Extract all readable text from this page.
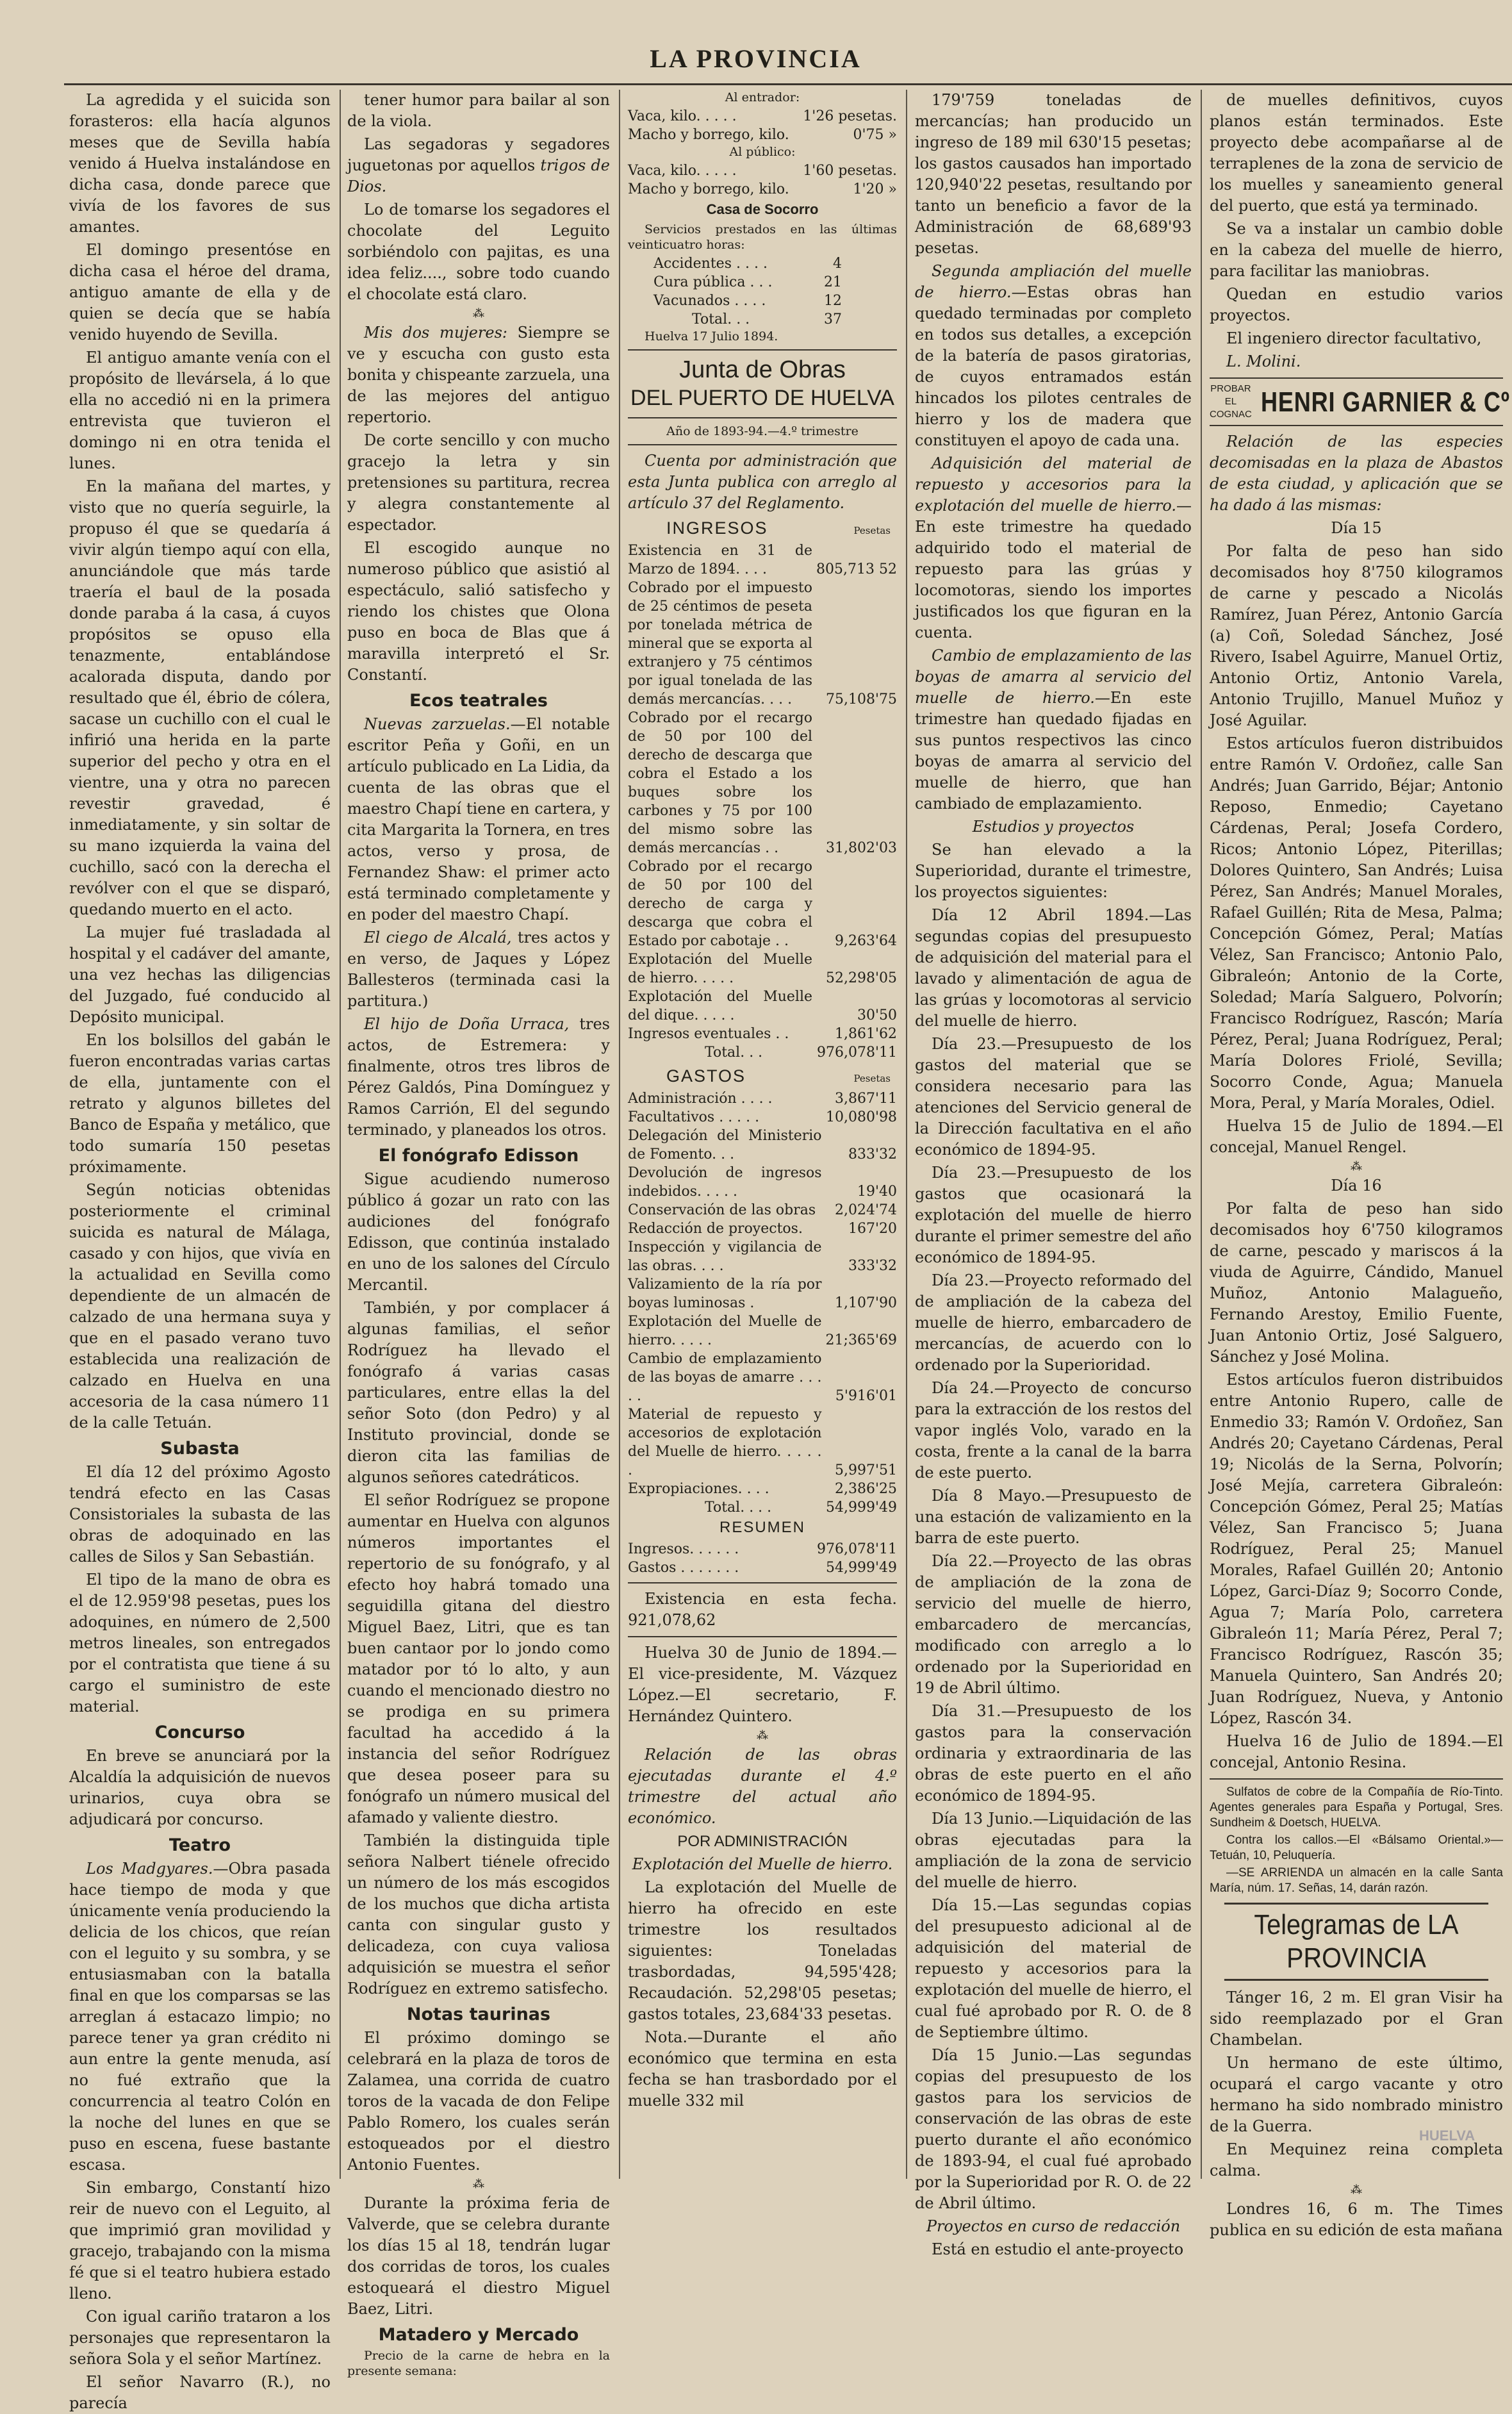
LA PROVINCIA

La agredida y el suicida son forasteros: ella hacía algunos meses que de Sevilla había venido á Huelva instalándose en dicha casa, donde parece que vivía de los favores de sus amantes.

El domingo presentóse en dicha casa el héroe del drama, antiguo amante de ella y de quien se decía que se había venido huyendo de Sevilla.

El antiguo amante venía con el propósito de llevársela, á lo que ella no accedió ni en la primera entrevista que tuvieron el domingo ni en otra tenida el lunes.

En la mañana del martes, y visto que no quería seguirle, la propuso él que se quedaría á vivir algún tiempo aquí con ella, anunciándole que más tarde traería el baul de la posada donde paraba á la casa, á cuyos propósitos se opuso ella tenazmente, entablándose acalorada disputa, dando por resultado que él, ébrio de cólera, sacase un cuchillo con el cual le infirió una herida en la parte superior del pecho y otra en el vientre, una y otra no parecen revestir gravedad, é inmediatamente, y sin soltar de su mano izquierda la vaina del cuchillo, sacó con la derecha el revólver con el que se disparó, quedando muerto en el acto.

La mujer fué trasladada al hospital y el cadáver del amante, una vez hechas las diligencias del Juzgado, fué conducido al Depósito municipal.

En los bolsillos del gabán le fueron encontradas varias cartas de ella, juntamente con el retrato y algunos billetes del Banco de España y metálico, que todo sumaría 150 pesetas próximamente.

Según noticias obtenidas posteriormente el criminal suicida es natural de Málaga, casado y con hijos, que vivía en la actualidad en Sevilla como dependiente de un almacén de calzado de una hermana suya y que en el pasado verano tuvo establecida una realización de calzado en Huelva en una accesoria de la casa número 11 de la calle Tetuán.

Subasta

El día 12 del próximo Agosto tendrá efecto en las Casas Consistoriales la subasta de las obras de adoquinado en las calles de Silos y San Sebastián.

El tipo de la mano de obra es el de 12.959'98 pesetas, pues los adoquines, en número de 2,500 metros lineales, son entregados por el contratista que tiene á su cargo el suministro de este material.

Concurso

En breve se anunciará por la Alcaldía la adquisición de nuevos urinarios, cuya obra se adjudicará por concurso.

Teatro

Los Madgyares.—Obra pasada hace tiempo de moda y que únicamente venía produciendo la delicia de los chicos, que reían con el leguito y su sombra, y se entusiasmaban con la batalla final en que los comparsas se las arreglan á estacazo limpio; no parece tener ya gran crédito ni aun entre la gente menuda, así no fué extraño que la concurrencia al teatro Colón en la noche del lunes en que se puso en escena, fuese bastante escasa.

Sin embargo, Constantí hizo reir de nuevo con el Leguito, al que imprimió gran movilidad y gracejo, trabajando con la misma fé que si el teatro hubiera estado lleno.

Con igual cariño trataron a los personajes que representaron la señora Sola y el señor Martínez.

El señor Navarro (R.), no parecía

tener humor para bailar al son de la viola.

Las segadoras y segadores juguetonas por aquellos trigos de Dios.

Lo de tomarse los segadores el chocolate del Leguito sorbiéndolo con pajitas, es una idea feliz...., sobre todo cuando el chocolate está claro.

⁂

Mis dos mujeres: Siempre se ve y escucha con gusto esta bonita y chispeante zarzuela, una de las mejores del antiguo repertorio.

De corte sencillo y con mucho gracejo la letra y sin pretensiones su partitura, recrea y alegra constantemente al espectador.

El escogido aunque no numeroso público que asistió al espectáculo, salió satisfecho y riendo los chistes que Olona puso en boca de Blas que á maravilla interpretó el Sr. Constantí.

Ecos teatrales

Nuevas zarzuelas.—El notable escritor Peña y Goñi, en un artículo publicado en La Lidia, da cuenta de las obras que el maestro Chapí tiene en cartera, y cita Margarita la Tornera, en tres actos, verso y prosa, de Fernandez Shaw: el primer acto está terminado completamente y en poder del maestro Chapí.

El ciego de Alcalá, tres actos y en verso, de Jaques y López Ballesteros (terminada casi la partitura.)

El hijo de Doña Urraca, tres actos, de Estremera: y finalmente, otros tres libros de Pérez Galdós, Pina Domínguez y Ramos Carrión, El del segundo terminado, y planeados los otros.

El fonógrafo Edisson

Sigue acudiendo numeroso público á gozar un rato con las audiciones del fonógrafo Edisson, que continúa instalado en uno de los salones del Círculo Mercantil.

También, y por complacer á algunas familias, el señor Rodríguez ha llevado el fonógrafo á varias casas particulares, entre ellas la del señor Soto (don Pedro) y al Instituto provincial, donde se dieron cita las familias de algunos señores catedráticos.

El señor Rodríguez se propone aumentar en Huelva con algunos números importantes el repertorio de su fonógrafo, y al efecto hoy habrá tomado una seguidilla gitana del diestro Miguel Baez, Litri, que es tan buen cantaor por lo jondo como matador por tó lo alto, y aun cuando el mencionado diestro no se prodiga en su primera facultad ha accedido á la instancia del señor Rodríguez que desea poseer para su fonógrafo un número musical del afamado y valiente diestro.

También la distinguida tiple señora Nalbert tiénele ofrecido un número de los más escogidos de los muchos que dicha artista canta con singular gusto y delicadeza, con cuya valiosa adquisición se muestra el señor Rodríguez en extremo satisfecho.

Notas taurinas

El próximo domingo se celebrará en la plaza de toros de Zalamea, una corrida de cuatro toros de la vacada de don Felipe Pablo Romero, los cuales serán estoqueados por el diestro Antonio Fuentes.

⁂

Durante la próxima feria de Valverde, que se celebra durante los días 15 al 18, tendrán lugar dos corridas de toros, los cuales estoqueará el diestro Miguel Baez, Litri.

Matadero y Mercado

Precio de la carne de hebra en la presente semana:

Al entrador:

Vaca, kilo. . . . .	1'26 pesetas.
Macho y borrego, kilo.	0'75 »

Al público:

Vaca, kilo. . . . .	1'60 pesetas.
Macho y borrego, kilo.	1'20 »

Casa de Socorro

Servicios prestados en las últimas veinticuatro horas:

Accidentes . . . .	4
Cura pública . . .	21
Vacunados . . . .	12
Total. . .	37

Huelva 17 Julio 1894.

Junta de Obras
DEL PUERTO DE HUELVA

Año de 1893-94.—4.º trimestre

Cuenta por administración que esta Junta publica con arreglo al artículo 37 del Reglamento.

INGRESOS	Pesetas
Existencia en 31 de Marzo de 1894. . . .	805,713 52
Cobrado por el impuesto de 25 céntimos de peseta por tonelada métrica de mineral que se exporta al extranjero y 75 céntimos por igual tonelada de las demás mercancías. . . .	75,108'75
Cobrado por el recargo de 50 por 100 del derecho de descarga que cobra el Estado a los buques sobre los carbones y 75 por 100 del mismo sobre las demás mercancías . .	31,802'03
Cobrado por el recargo de 50 por 100 del derecho de carga y descarga que cobra el Estado por cabotaje . .	9,263'64
Explotación del Muelle de hierro. . . . .	52,298'05
Explotación del Muelle del dique. . . . .	30'50
Ingresos eventuales . .	1,861'62
Total. . .	976,078'11
GASTOS	Pesetas
Administración . . . .	3,867'11
Facultativos . . . . .	10,080'98
Delegación del Ministerio de Fomento. . .	833'32
Devolución de ingresos indebidos. . . . .	19'40
Conservación de las obras	2,024'74
Redacción de proyectos.	167'20
Inspección y vigilancia de las obras. . . .	333'32
Valizamiento de la ría por boyas luminosas .	1,107'90
Explotación del Muelle de hierro. . . . .	21;365'69
Cambio de emplazamiento de las boyas de amarre . . . . .	5'916'01
Material de repuesto y accesorios de explotación del Muelle de hierro. . . . . .	5,997'51
Expropiaciones. . . .	2,386'25
Total. . . .	54,999'49

RESUMEN

Ingresos. . . . . .	976,078'11
Gastos . . . . . . .	54,999'49

Existencia en esta fecha. 921,078,62

Huelva 30 de Junio de 1894.—El vice-presidente, M. Vázquez López.—El secretario, F. Hernández Quintero.

⁂

Relación de las obras ejecutadas durante el 4.º trimestre del actual año económico.

POR ADMINISTRACIÓN

Explotación del Muelle de hierro.

La explotación del Muelle de hierro ha ofrecido en este trimestre los resultados siguientes: Toneladas trasbordadas, 94,595'428; Recaudación. 52,298'05 pesetas; gastos totales, 23,684'33 pesetas.

Nota.—Durante el año económico que termina en esta fecha se han trasbordado por el muelle 332 mil

179'759 toneladas de mercancías; han producido un ingreso de 189 mil 630'15 pesetas; los gastos causados han importado 120,940'22 pesetas, resultando por tanto un beneficio a favor de la Administración de 68,689'93 pesetas.

Segunda ampliación del muelle de hierro.—Estas obras han quedado terminadas por completo en todos sus detalles, a excepción de la batería de pasos giratorias, de cuyos entramados están hincados los pilotes centrales de hierro y los de madera que constituyen el apoyo de cada una.

Adquisición del material de repuesto y accesorios para la explotación del muelle de hierro.—En este trimestre ha quedado adquirido todo el material de repuesto para las grúas y locomotoras, siendo los importes justificados los que figuran en la cuenta.

Cambio de emplazamiento de las boyas de amarra al servicio del muelle de hierro.—En este trimestre han quedado fijadas en sus puntos respectivos las cinco boyas de amarra al servicio del muelle de hierro, que han cambiado de emplazamiento.

Estudios y proyectos

Se han elevado a la Superioridad, durante el trimestre, los proyectos siguientes:

Día 12 Abril 1894.—Las segundas copias del presupuesto de adquisición del material para el lavado y alimentación de agua de las grúas y locomotoras al servicio del muelle de hierro.

Día 23.—Presupuesto de los gastos del material que se considera necesario para las atenciones del Servicio general de la Dirección facultativa en el año económico de 1894-95.

Día 23.—Presupuesto de los gastos que ocasionará la explotación del muelle de hierro durante el primer semestre del año económico de 1894-95.

Día 23.—Proyecto reformado del de ampliación de la cabeza del muelle de hierro, embarcadero de mercancías, de acuerdo con lo ordenado por la Superioridad.

Día 24.—Proyecto de concurso para la extracción de los restos del vapor inglés Volo, varado en la costa, frente a la canal de la barra de este puerto.

Día 8 Mayo.—Presupuesto de una estación de valizamiento en la barra de este puerto.

Día 22.—Proyecto de las obras de ampliación de la zona de servicio del muelle de hierro, embarcadero de mercancías, modificado con arreglo a lo ordenado por la Superioridad en 19 de Abril último.

Día 31.—Presupuesto de los gastos para la conservación ordinaria y extraordinaria de las obras de este puerto en el año económico de 1894-95.

Día 13 Junio.—Liquidación de las obras ejecutadas para la ampliación de la zona de servicio del muelle de hierro.

Día 15.—Las segundas copias del presupuesto adicional al de adquisición del material de repuesto y accesorios para la explotación del muelle de hierro, el cual fué aprobado por R. O. de 8 de Septiembre último.

Día 15 Junio.—Las segundas copias del presupuesto de los gastos para los servicios de conservación de las obras de este puerto durante el año económico de 1893-94, el cual fué aprobado por la Superioridad por R. O. de 22 de Abril último.

Proyectos en curso de redacción

Está en estudio el ante-proyecto

de muelles definitivos, cuyos planos están terminados. Este proyecto debe acompañarse al de terraplenes de la zona de servicio de los muelles y saneamiento general del puerto, que está ya terminado.

Se va a instalar un cambio doble en la cabeza del muelle de hierro, para facilitar las maniobras.

Quedan en estudio varios proyectos.

El ingeniero director facultativo,

L. Molini.

PROBAR
EL
COGNAC HENRI GARNIER & Cº

Relación de las especies decomisadas en la plaza de Abastos de esta ciudad, y aplicación que se ha dado á las mismas:

Día 15

Por falta de peso han sido decomisados hoy 8'750 kilogramos de carne y pescado a Nicolás Ramírez, Juan Pérez, Antonio García (a) Coñ, Soledad Sánchez, José Rivero, Isabel Aguirre, Manuel Ortiz, Antonio Ortiz, Antonio Varela, Antonio Trujillo, Manuel Muñoz y José Aguilar.

Estos artículos fueron distribuidos entre Ramón V. Ordoñez, calle San Andrés; Juan Garrido, Béjar; Antonio Reposo, Enmedio; Cayetano Cárdenas, Peral; Josefa Cordero, Ricos; Antonio López, Piterillas; Dolores Quintero, San Andrés; Luisa Pérez, San Andrés; Manuel Morales, Rafael Guillén; Rita de Mesa, Palma; Concepción Gómez, Peral; Matías Vélez, San Francisco; Antonio Palo, Gibraleón; Antonio de la Corte, Soledad; María Salguero, Polvorín; Francisco Rodríguez, Rascón; María Pérez, Peral; Juana Rodríguez, Peral; María Dolores Friolé, Sevilla; Socorro Conde, Agua; Manuela Mora, Peral, y María Morales, Odiel.

Huelva 15 de Julio de 1894.—El concejal, Manuel Rengel.

⁂

Día 16

Por falta de peso han sido decomisados hoy 6'750 kilogramos de carne, pescado y mariscos á la viuda de Aguirre, Cándido, Manuel Muñoz, Antonio Malagueño, Fernando Arestoy, Emilio Fuente, Juan Antonio Ortiz, José Salguero, Sánchez y José Molina.

Estos artículos fueron distribuidos entre Antonio Rupero, calle de Enmedio 33; Ramón V. Ordoñez, San Andrés 20; Cayetano Cárdenas, Peral 19; Nicolás de la Serna, Polvorín; José Mejía, carretera Gibraleón: Concepción Gómez, Peral 25; Matías Vélez, San Francisco 5; Juana Rodríguez, Peral 25; Manuel Morales, Rafael Guillén 20; Antonio López, Garci-Díaz 9; Socorro Conde, Agua 7; María Polo, carretera Gibraleón 11; María Pérez, Peral 7; Francisco Rodríguez, Rascón 35; Manuela Quintero, San Andrés 20; Juan Rodríguez, Nueva, y Antonio López, Rascón 34.

Huelva 16 de Julio de 1894.—El concejal, Antonio Resina.

Sulfatos de cobre de la Compañía de Río-Tinto. Agentes generales para España y Portugal, Sres. Sundheim & Doetsch, HUELVA.

Contra los callos.—El «Bálsamo Oriental.»—Tetuán, 10, Peluquería.

—SE ARRIENDA un almacén en la calle Santa María, núm. 17. Señas, 14, darán razón.

Telegramas de LA PROVINCIA

Tánger 16, 2 m. El gran Visir ha sido reemplazado por el Gran Chambelan.

Un hermano de este último, ocupará el cargo vacante y otro hermano ha sido nombrado ministro de la Guerra.

En Mequinez reina completa calma.

⁂

Londres 16, 6 m. The Times publica en su edición de esta mañana

HUELVA
